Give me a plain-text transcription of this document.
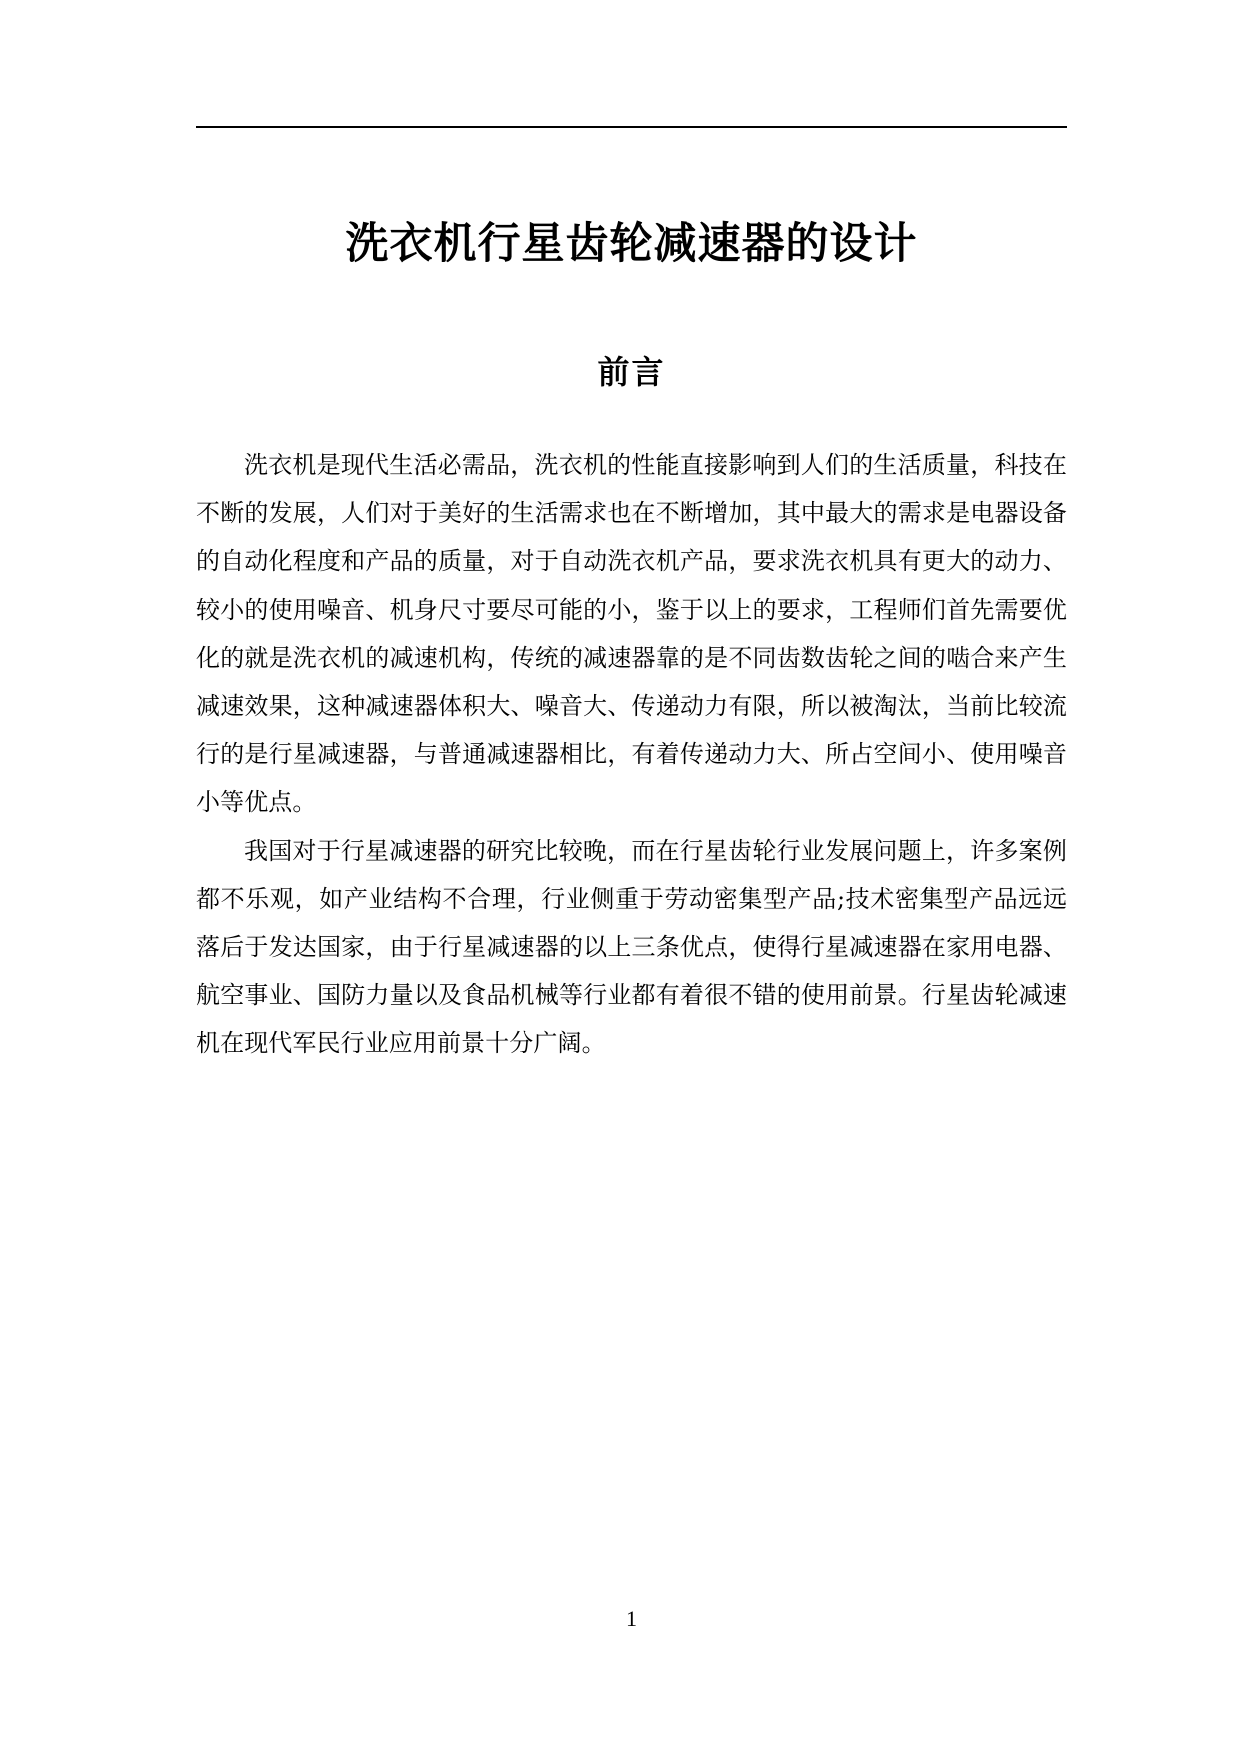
洗衣机行星齿轮减速器的设计
前言

洗衣机是现代生活必需品，洗衣机的性能直接影响到人们的生活质量，科技在不断的发展，人们对于美好的生活需求也在不断增加，其中最大的需求是电器设备的自动化程度和产品的质量，对于自动洗衣机产品，要求洗衣机具有更大的动力、较小的使用噪音、机身尺寸要尽可能的小，鉴于以上的要求，工程师们首先需要优化的就是洗衣机的减速机构，传统的减速器靠的是不同齿数齿轮之间的啮合来产生减速效果，这种减速器体积大、噪音大、传递动力有限，所以被淘汰，当前比较流行的是行星减速器，与普通减速器相比，有着传递动力大、所占空间小、使用噪音小等优点。

我国对于行星减速器的研究比较晚，而在行星齿轮行业发展问题上，许多案例都不乐观，如产业结构不合理，行业侧重于劳动密集型产品;技术密集型产品远远落后于发达国家，由于行星减速器的以上三条优点，使得行星减速器在家用电器、航空事业、国防力量以及食品机械等行业都有着很不错的使用前景。行星齿轮减速机在现代军民行业应用前景十分广阔。

1
